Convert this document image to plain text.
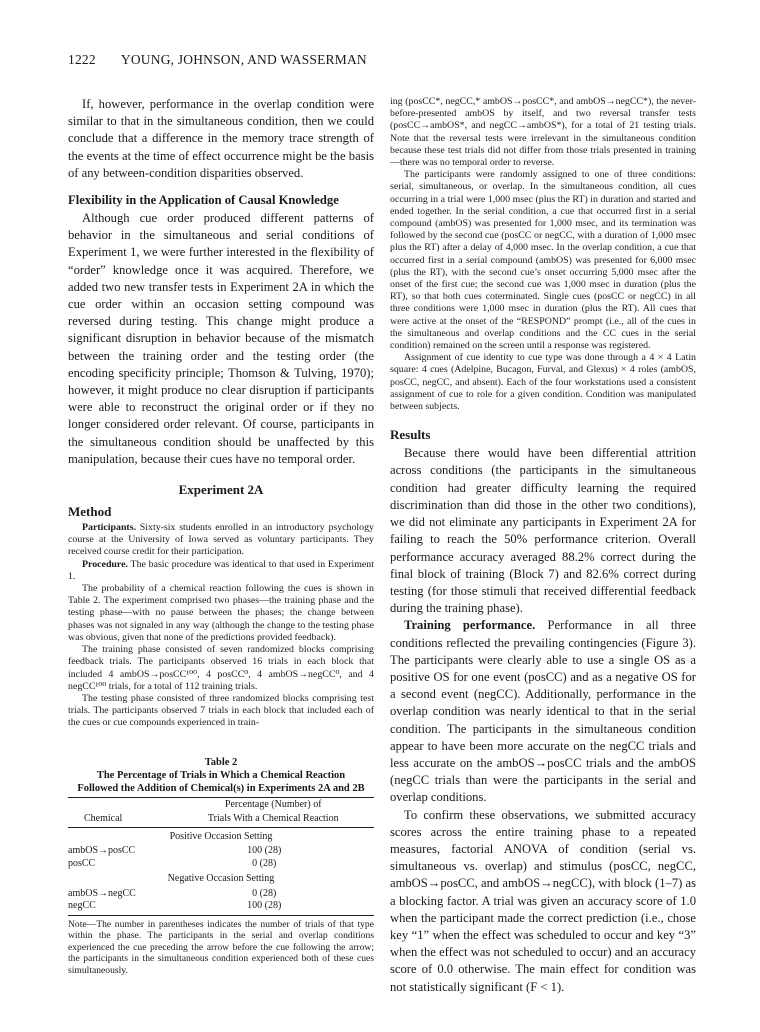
1222 YOUNG, JOHNSON, AND WASSERMAN

If, however, performance in the overlap condition were similar to that in the simultaneous condition, then we could conclude that a difference in the memory trace strength of the events at the time of effect occurrence might be the basis of any between-condition disparities observed.

Flexibility in the Application of Causal Knowledge

Although cue order produced different patterns of behavior in the simultaneous and serial conditions of Experiment 1, we were further interested in the flexibility of “order” knowledge once it was acquired. Therefore, we added two new transfer tests in Experiment 2A in which the cue order within an occasion setting compound was reversed during testing. This change might produce a significant disruption in behavior because of the mismatch between the training order and the testing order (the encoding specificity principle; Thomson & Tulving, 1970); however, it might produce no clear disruption if participants were able to reconstruct the original order or if they no longer considered order relevant. Of course, participants in the simultaneous condition should be unaffected by this manipulation, because their cues have no temporal order.

Experiment 2A
Method

Participants. Sixty-six students enrolled in an introductory psychology course at the University of Iowa served as voluntary participants. They received course credit for their participation.

Procedure. The basic procedure was identical to that used in Experiment 1.

The probability of a chemical reaction following the cues is shown in Table 2. The experiment comprised two phases—the training phase and the testing phase—with no pause between the phases; the change between phases was not signaled in any way (although the change to the testing phase was obvious, given that none of the predictions provided feedback).

The training phase consisted of seven randomized blocks comprising feedback trials. The participants observed 16 trials in each block that included 4 ambOS→posCC¹⁰⁰, 4 posCC⁰, 4 ambOS→negCC⁰, and 4 negCC¹⁰⁰ trials, for a total of 112 training trials.

The testing phase consisted of three randomized blocks comprising test trials. The participants observed 7 trials in each block that included each of the cues or cue compounds experienced in train-

Table 2
The Percentage of Trials in Which a Chemical Reaction
Followed the Addition of Chemical(s) in Experiments 2A and 2B
Chemical	Percentage (Number) of
	Trials With a Chemical Reaction
Positive Occasion Setting	
ambOS→posCC	100 (28)
posCC	0 (28)
Negative Occasion Setting	
ambOS→negCC	0 (28)
negCC	100 (28)

Note—The number in parentheses indicates the number of trials of that type within the phase. The participants in the serial and overlap conditions experienced the cue preceding the arrow before the cue following the arrow; the participants in the simultaneous condition experienced both of these cues simultaneously.

ing (posCC*, negCC,* ambOS→posCC*, and ambOS→negCC*), the never-before-presented ambOS by itself, and two reversal transfer tests (posCC→ambOS*, and negCC→ambOS*), for a total of 21 testing trials. Note that the reversal tests were irrelevant in the simultaneous condition because these test trials did not differ from those trials presented in training—there was no temporal order to reverse.

The participants were randomly assigned to one of three conditions: serial, simultaneous, or overlap. In the simultaneous condition, all cues occurring in a trial were 1,000 msec (plus the RT) in duration and started and ended together. In the serial condition, a cue that occurred first in a serial compound (ambOS) was presented for 1,000 msec, and its termination was followed by the second cue (posCC or negCC, with a duration of 1,000 msec plus the RT) after a delay of 4,000 msec. In the overlap condition, a cue that occurred first in a serial compound (ambOS) was presented for 6,000 msec (plus the RT), with the second cue’s onset occurring 5,000 msec after the onset of the first cue; the second cue was 1,000 msec in duration (plus the RT), so that both cues coterminated. Single cues (posCC or negCC) in all three conditions were 1,000 msec in duration (plus the RT). All cues that were active at the onset of the “RESPOND” prompt (i.e., all of the cues in the simultaneous and overlap conditions and the CC cues in the serial condition) remained on the screen until a response was registered.

Assignment of cue identity to cue type was done through a 4 × 4 Latin square: 4 cues (Adelpine, Bucagon, Furval, and Glexus) × 4 roles (ambOS, posCC, negCC, and absent). Each of the four workstations used a consistent assignment of cue to role for a given condition. Condition was manipulated between subjects.

Results

Because there would have been differential attrition across conditions (the participants in the simultaneous condition had greater difficulty learning the required discrimination than did those in the other two conditions), we did not eliminate any participants in Experiment 2A for failing to reach the 50% performance criterion. Overall performance accuracy averaged 88.2% correct during the final block of training (Block 7) and 82.6% correct during testing (for those stimuli that received differential feedback during the training phase).

Training performance. Performance in all three conditions reflected the prevailing contingencies (Figure 3). The participants were clearly able to use a single OS as a positive OS for one event (posCC) and as a negative OS for a second event (negCC). Additionally, performance in the overlap condition was nearly identical to that in the serial condition. The participants in the simultaneous condition appear to have been more accurate on the negCC trials and less accurate on the ambOS→posCC trials and the ambOS (negCC trials than were the participants in the serial and overlap conditions.

To confirm these observations, we submitted accuracy scores across the entire training phase to a repeated measures, factorial ANOVA of condition (serial vs. simultaneous vs. overlap) and stimulus (posCC, negCC, ambOS→posCC, and ambOS→negCC), with block (1–7) as a blocking factor. A trial was given an accuracy score of 1.0 when the participant made the correct prediction (i.e., chose key “1” when the effect was scheduled to occur and key “3” when the effect was not scheduled to occur) and an accuracy score of 0.0 otherwise. The main effect for condition was not statistically significant (F < 1).
